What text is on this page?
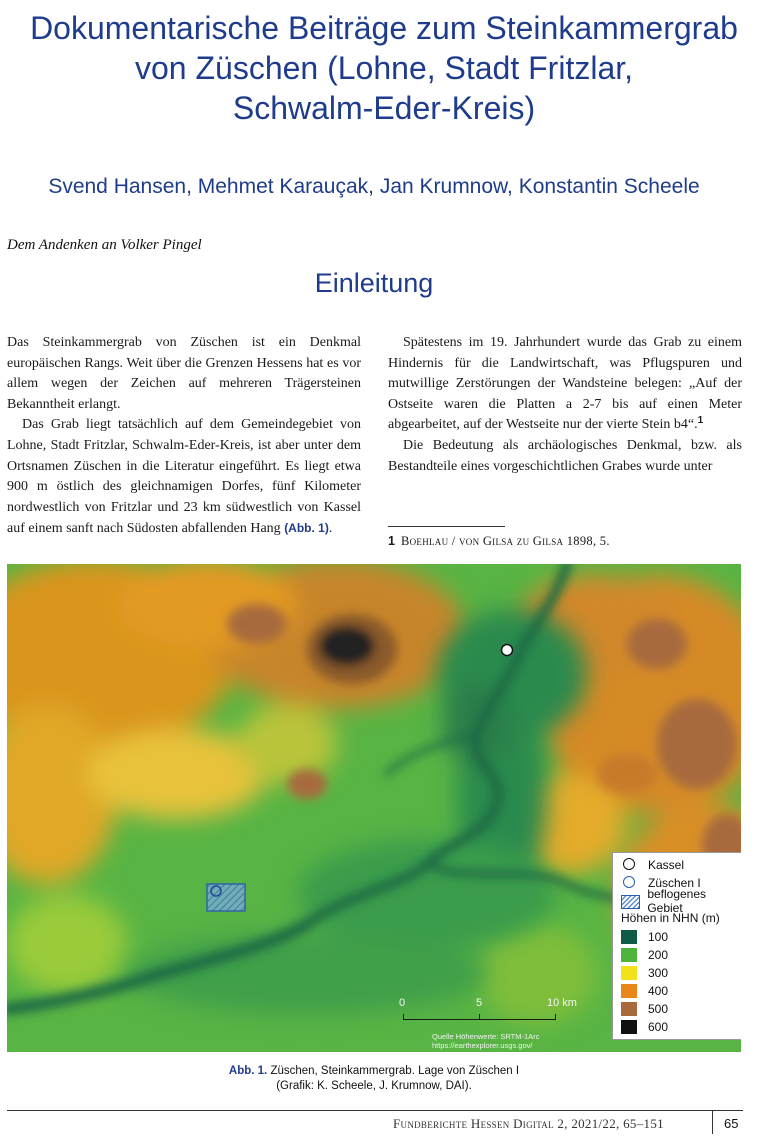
Dokumentarische Beiträge zum Steinkammergrab
von Züschen (Lohne, Stadt Fritzlar,
Schwalm-Eder-Kreis)
Svend Hansen, Mehmet Karauçak, Jan Krumnow, Konstantin Scheele
Dem Andenken an Volker Pingel
Einleitung

Das Steinkammergrab von Züschen ist ein Denkmal europäischen Rangs. Weit über die Grenzen Hessens hat es vor allem wegen der Zeichen auf mehreren Trägersteinen Bekanntheit erlangt.

Das Grab liegt tatsächlich auf dem Gemeindegebiet von Lohne, Stadt Fritzlar, Schwalm-Eder-Kreis, ist aber unter dem Ortsnamen Züschen in die Literatur eingeführt. Es liegt etwa 900 m östlich des gleichnamigen Dorfes, fünf Kilometer nordwestlich von Fritzlar und 23 km südwestlich von Kassel auf einem sanft nach Südosten abfallenden Hang (Abb. 1).

Spätestens im 19. Jahrhundert wurde das Grab zu einem Hindernis für die Landwirtschaft, was Pflugspuren und mutwillige Zerstörungen der Wandsteine belegen: „Auf der Ostseite waren die Platten a 2-7 bis auf einen Meter abgearbeitet, auf der Westseite nur der vierte Stein b4“.$^1$

Die Bedeutung als archäologisches Denkmal, bzw. als Bestandteile eines vorgeschichtlichen Grabes wurde unter

1 Boehlau / von Gilsa zu Gilsa 1898, 5.
Kassel
Züschen I
beflogenes Gebiet
Höhen in NHN (m)
100
200
300
400
500
600
0	5	10 km
Quelle Höhenwerte: SRTM-1Arc
https://earthexplorer.usgs.gov/
Abb. 1. Züschen, Steinkammergrab. Lage von Züschen I
(Grafik: K. Scheele, J. Krumnow, DAI).
Fundberichte Hessen Digital 2, 2021/22, 65–151	65
